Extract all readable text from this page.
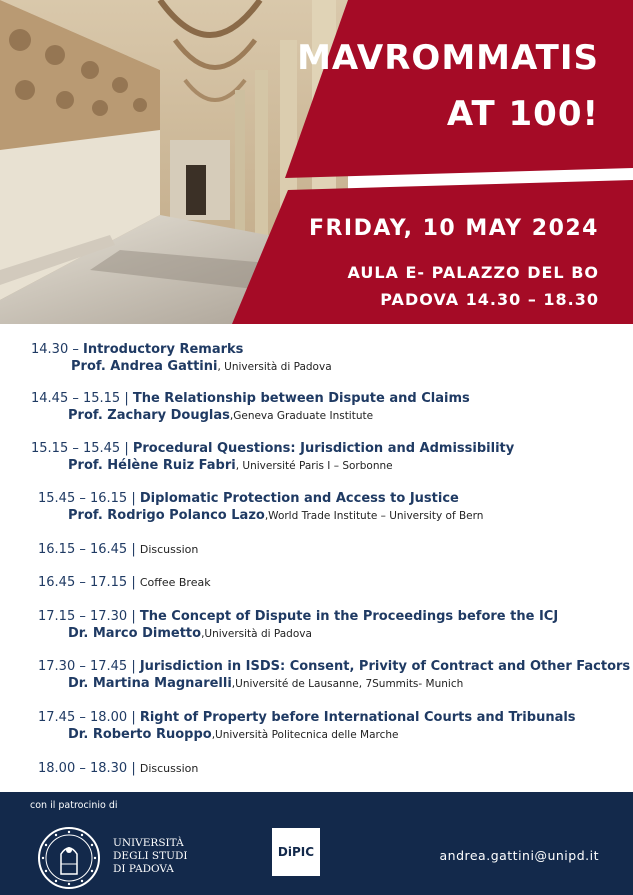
MAVROMMATIS
AT 100!
FRIDAY, 10 MAY 2024
AULA E- PALAZZO DEL BO
PADOVA 14.30 – 18.30
14.30 – Introductory Remarks
Prof. Andrea Gattini, Università di Padova
14.45 – 15.15 | The Relationship between Dispute and Claims
Prof. Zachary Douglas,Geneva Graduate Institute
15.15 – 15.45 | Procedural Questions: Jurisdiction and Admissibility
Prof. Hélène Ruiz Fabri, Université Paris I – Sorbonne
15.45 – 16.15 | Diplomatic Protection and Access to Justice
Prof. Rodrigo Polanco Lazo,World Trade Institute – University of Bern
16.15 – 16.45 | Discussion
16.45 – 17.15 | Coffee Break
17.15 – 17.30 | The Concept of Dispute in the Proceedings before the ICJ
Dr. Marco Dimetto,Università di Padova
17.30 – 17.45 | Jurisdiction in ISDS: Consent, Privity of Contract and Other Factors
Dr. Martina Magnarelli,Université de Lausanne, 7Summits- Munich
17.45 – 18.00 | Right of Property before International Courts and Tribunals
Dr. Roberto Ruoppo,Università Politecnica delle Marche
18.00 – 18.30 | Discussion
con il patrocinio di
UNIVERSITÀ
DEGLI STUDI
DI PADOVA
DiPIC	andrea.gattini@unipd.it
